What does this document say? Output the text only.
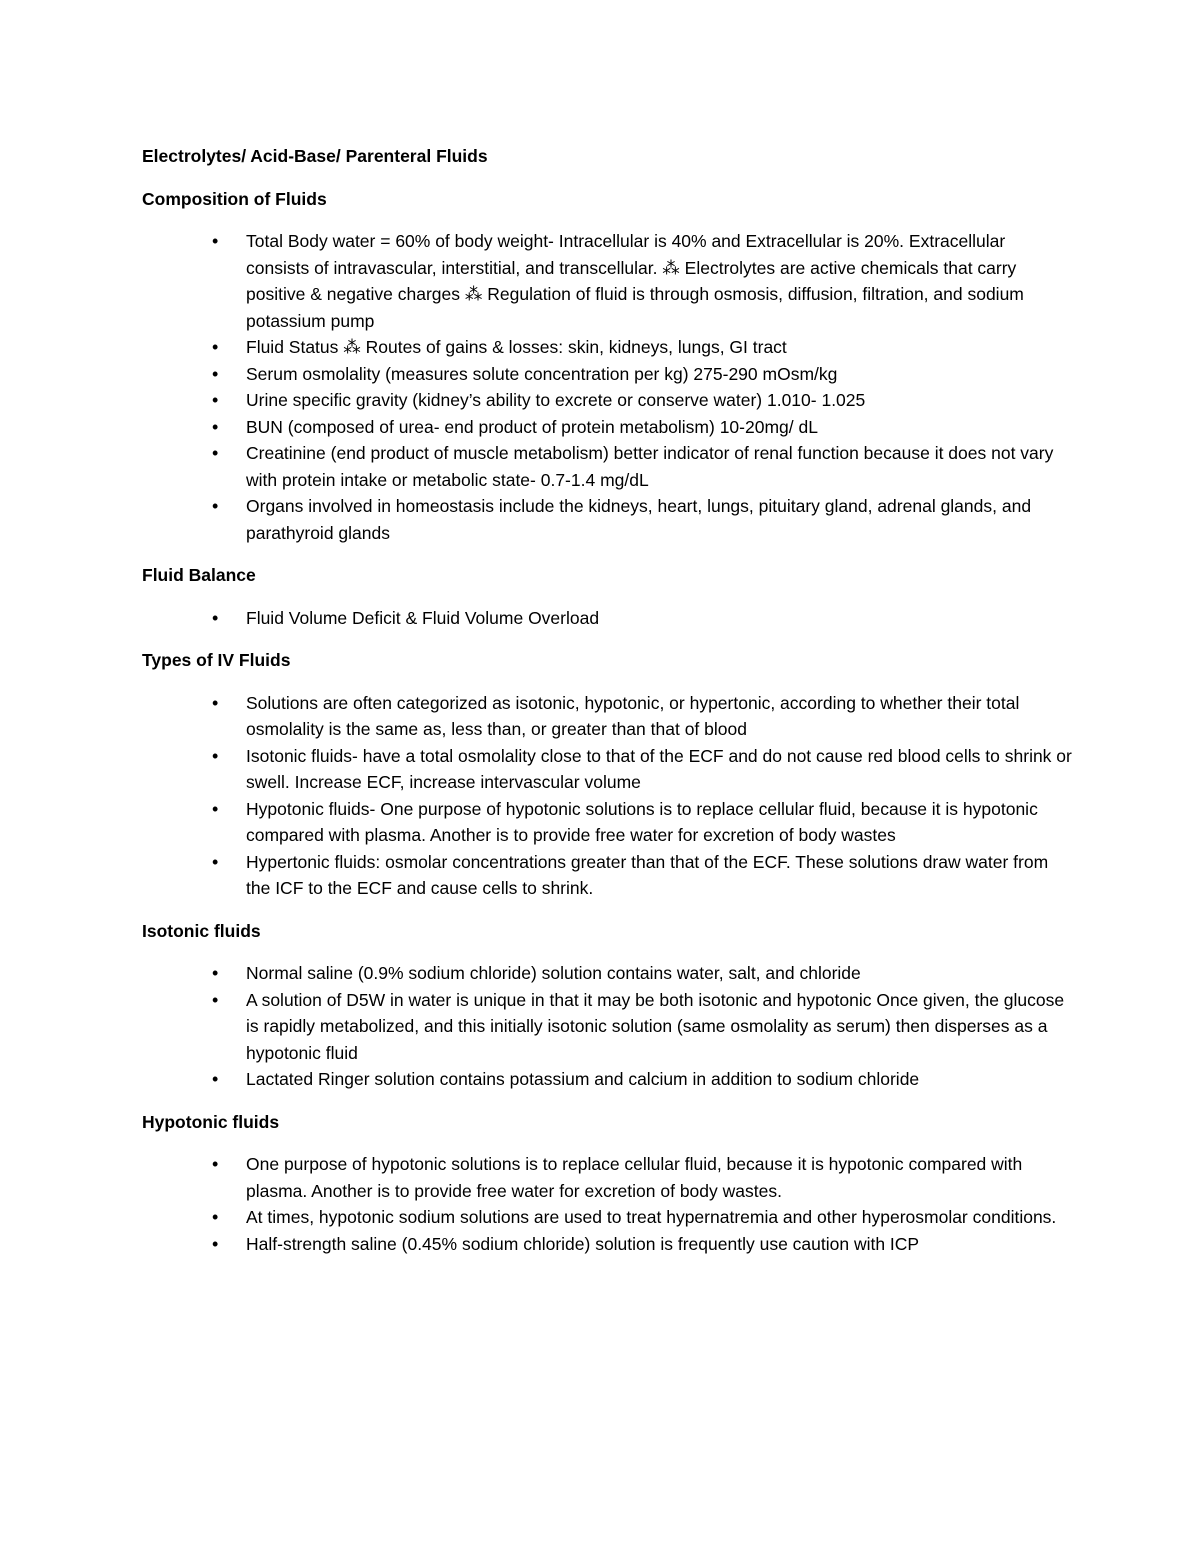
Electrolytes/ Acid-Base/ Parenteral Fluids

Composition of Fluids

• Total Body water = 60% of body weight- Intracellular is 40% and Extracellular is 20%. Extracellular consists of intravascular, interstitial, and transcellular. ⁂ Electrolytes are active chemicals that carry positive & negative charges ⁂ Regulation of fluid is through osmosis, diffusion, filtration, and sodium potassium pump
• Fluid Status ⁂ Routes of gains & losses: skin, kidneys, lungs, GI tract
• Serum osmolality (measures solute concentration per kg) 275-290 mOsm/kg
• Urine specific gravity (kidney’s ability to excrete or conserve water) 1.010- 1.025
• BUN (composed of urea- end product of protein metabolism) 10-20mg/ dL
• Creatinine (end product of muscle metabolism) better indicator of renal function because it does not vary with protein intake or metabolic state- 0.7-1.4 mg/dL
• Organs involved in homeostasis include the kidneys, heart, lungs, pituitary gland, adrenal glands, and parathyroid glands

Fluid Balance

• Fluid Volume Deficit & Fluid Volume Overload

Types of IV Fluids

• Solutions are often categorized as isotonic, hypotonic, or hypertonic, according to whether their total osmolality is the same as, less than, or greater than that of blood
• Isotonic fluids- have a total osmolality close to that of the ECF and do not cause red blood cells to shrink or swell. Increase ECF, increase intervascular volume
• Hypotonic fluids- One purpose of hypotonic solutions is to replace cellular fluid, because it is hypotonic compared with plasma. Another is to provide free water for excretion of body wastes
• Hypertonic fluids: osmolar concentrations greater than that of the ECF. These solutions draw water from the ICF to the ECF and cause cells to shrink.

Isotonic fluids

• Normal saline (0.9% sodium chloride) solution contains water, salt, and chloride
• A solution of D5W in water is unique in that it may be both isotonic and hypotonic Once given, the glucose is rapidly metabolized, and this initially isotonic solution (same osmolality as serum) then disperses as a hypotonic fluid
• Lactated Ringer solution contains potassium and calcium in addition to sodium chloride

Hypotonic fluids

• One purpose of hypotonic solutions is to replace cellular fluid, because it is hypotonic compared with plasma. Another is to provide free water for excretion of body wastes.
• At times, hypotonic sodium solutions are used to treat hypernatremia and other hyperosmolar conditions.
• Half-strength saline (0.45% sodium chloride) solution is frequently use caution with ICP
